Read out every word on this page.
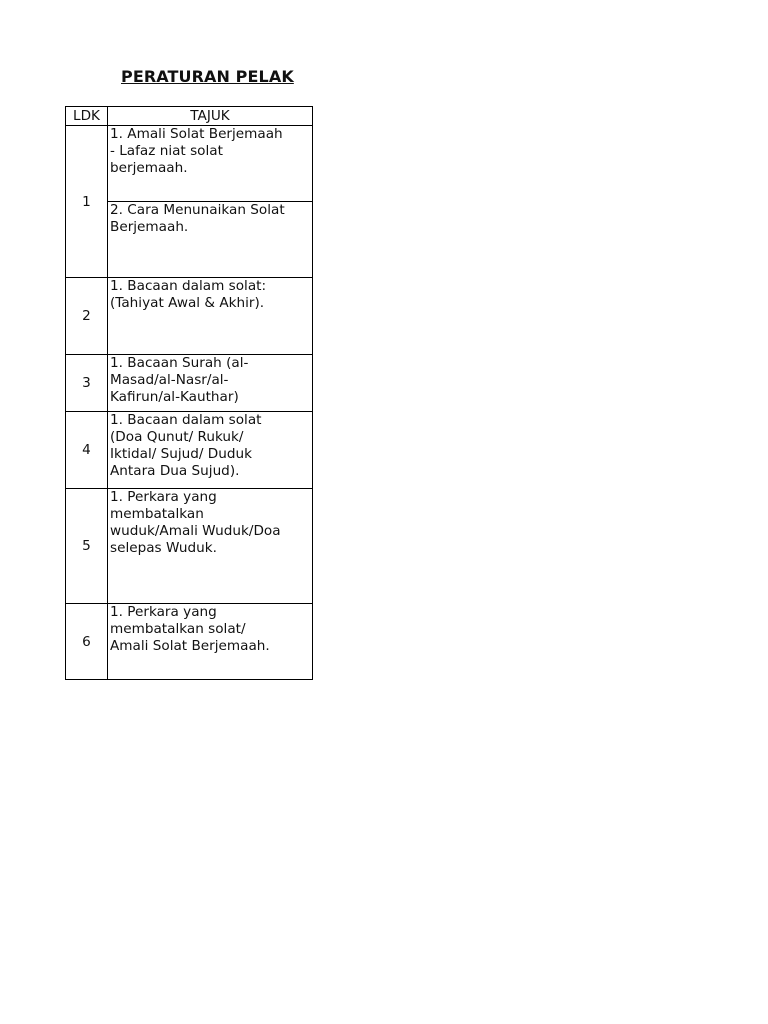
PERATURAN PELAK
LDK	TAJUK
1	1. Amali Solat Berjemaah
- Lafaz niat solat
berjemaah.
	2. Cara Menunaikan Solat
Berjemaah.
2	1. Bacaan dalam solat:
(Tahiyat Awal & Akhir).
3	1. Bacaan Surah (al-
Masad/al-Nasr/al-
Kafirun/al-Kauthar)
4	1. Bacaan dalam solat
(Doa Qunut/ Rukuk/
Iktidal/ Sujud/ Duduk
Antara Dua Sujud).
5	1. Perkara yang
membatalkan
wuduk/Amali Wuduk/Doa
selepas Wuduk.
6	1. Perkara yang
membatalkan solat/
Amali Solat Berjemaah.
